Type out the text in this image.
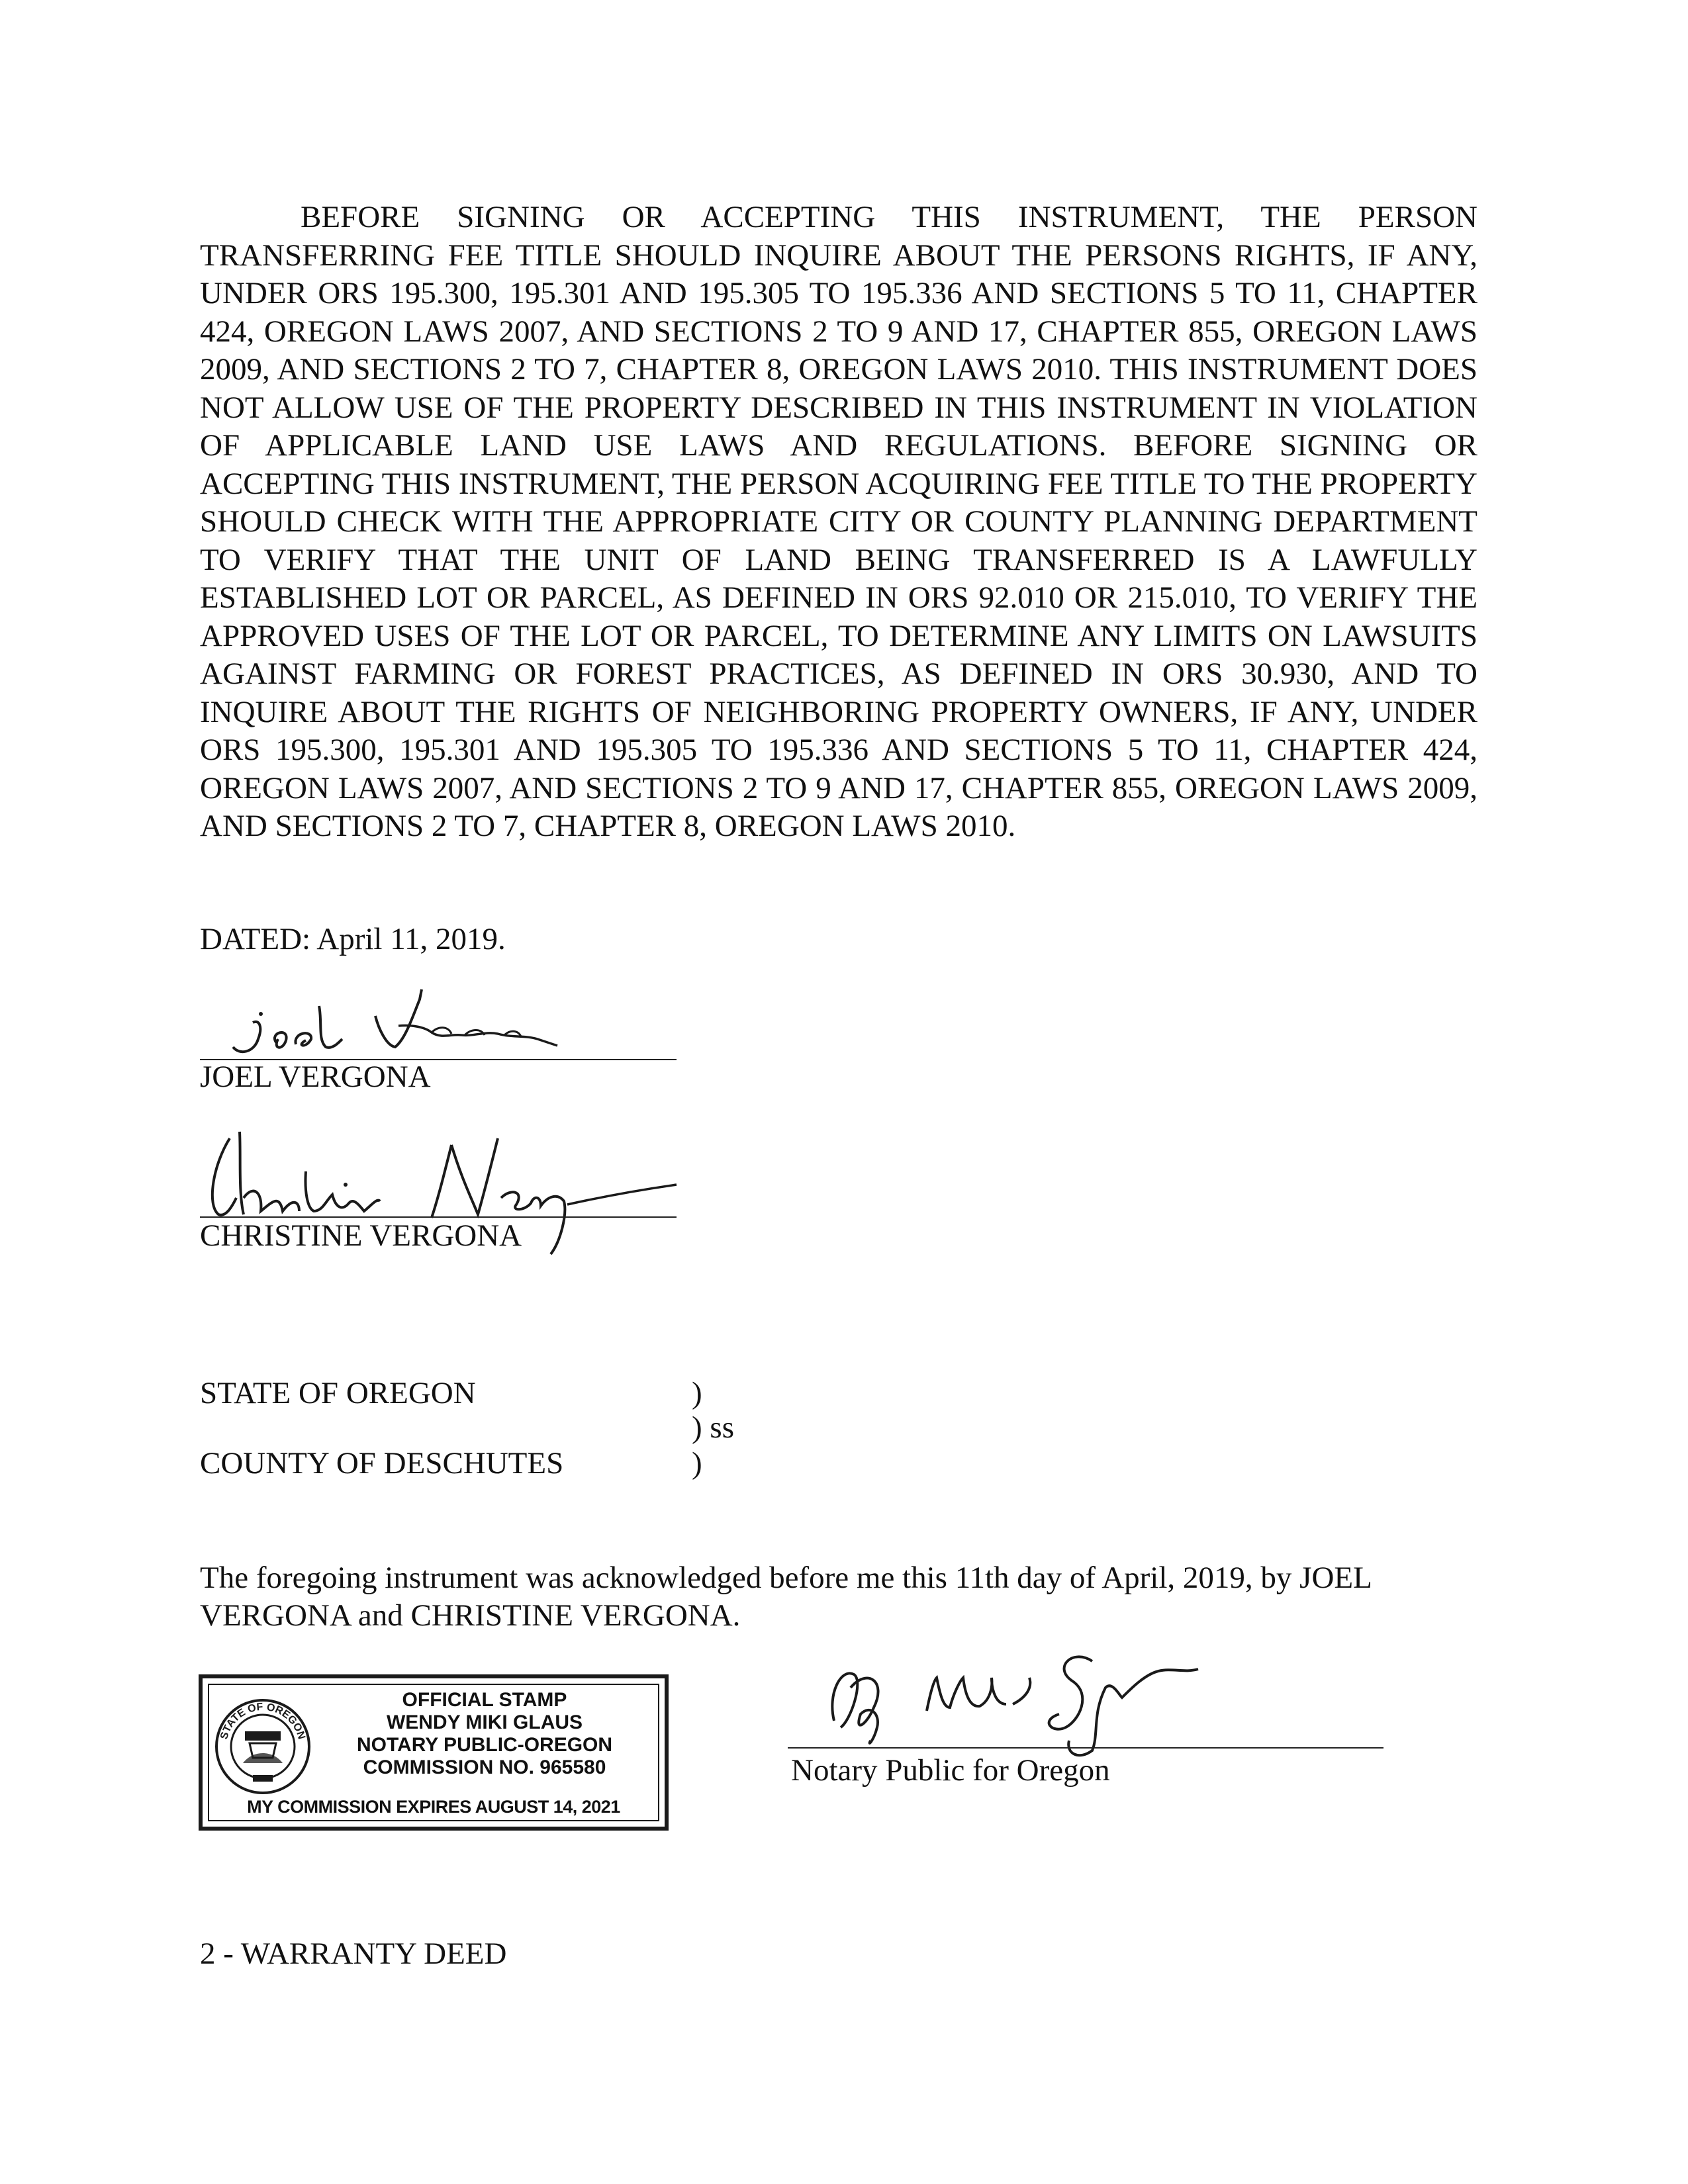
BEFORE SIGNING OR ACCEPTING THIS INSTRUMENT, THE PERSON TRANSFERRING FEE TITLE SHOULD INQUIRE ABOUT THE PERSONS RIGHTS, IF ANY, UNDER ORS 195.300, 195.301 AND 195.305 TO 195.336 AND SECTIONS 5 TO 11, CHAPTER 424, OREGON LAWS 2007, AND SECTIONS 2 TO 9 AND 17, CHAPTER 855, OREGON LAWS 2009, AND SECTIONS 2 TO 7, CHAPTER 8, OREGON LAWS 2010. THIS INSTRUMENT DOES NOT ALLOW USE OF THE PROPERTY DESCRIBED IN THIS INSTRUMENT IN VIOLATION OF APPLICABLE LAND USE LAWS AND REGULATIONS. BEFORE SIGNING OR ACCEPTING THIS INSTRUMENT, THE PERSON ACQUIRING FEE TITLE TO THE PROPERTY SHOULD CHECK WITH THE APPROPRIATE CITY OR COUNTY PLANNING DEPARTMENT TO VERIFY THAT THE UNIT OF LAND BEING TRANSFERRED IS A LAWFULLY ESTABLISHED LOT OR PARCEL, AS DEFINED IN ORS 92.010 OR 215.010, TO VERIFY THE APPROVED USES OF THE LOT OR PARCEL, TO DETERMINE ANY LIMITS ON LAWSUITS AGAINST FARMING OR FOREST PRACTICES, AS DEFINED IN ORS 30.930, AND TO INQUIRE ABOUT THE RIGHTS OF NEIGHBORING PROPERTY OWNERS, IF ANY, UNDER ORS 195.300, 195.301 AND 195.305 TO 195.336 AND SECTIONS 5 TO 11, CHAPTER 424, OREGON LAWS 2007, AND SECTIONS 2 TO 9 AND 17, CHAPTER 855, OREGON LAWS 2009, AND SECTIONS 2 TO 7, CHAPTER 8, OREGON LAWS 2010.

DATED: April 11, 2019.

JOEL VERGONA
CHRISTINE VERGONA
STATE OF OREGON
COUNTY OF DESCHUTES
)
) ss
)

The foregoing instrument was acknowledged before me this 11th day of April, 2019, by JOEL VERGONA and CHRISTINE VERGONA.

STATE OF OREGON
OFFICIAL STAMP
WENDY MIKI GLAUS
NOTARY PUBLIC-OREGON
COMMISSION NO. 965580
MY COMMISSION EXPIRES AUGUST 14, 2021
Notary Public for Oregon
2 - WARRANTY DEED
